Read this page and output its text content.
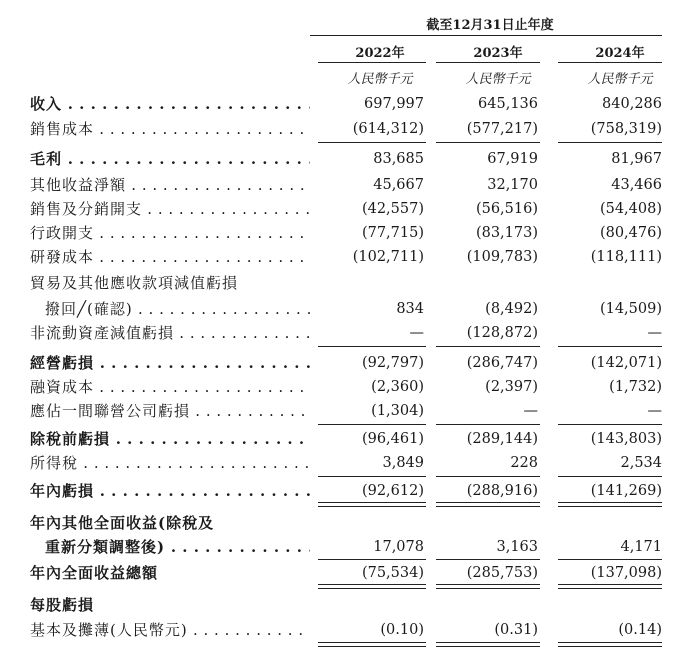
截至12月31日止年度
2022年	2023年	2024年
人民幣千元	人民幣千元	人民幣千元
收入 . . .	697,997	645,136	840,286
銷售成本 . . .	(614,312)	(577,217)	(758,319)
毛利 . . .	83,685	67,919	81,967
其他收益淨額 . . .	45,667	32,170	43,466
銷售及分銷開支 . . .	(42,557)	(56,516)	(54,408)
行政開支 . . .	(77,715)	(83,173)	(80,476)
研發成本 . . .	(102,711)	(109,783)	(118,111)
貿易及其他應收款項減值虧損
撥回╱(確認) . . .	834	(8,492)	(14,509)
非流動資產減值虧損 . . .	—	(128,872)	—
經營虧損 . . .	(92,797)	(286,747)	(142,071)
融資成本 . . .	(2,360)	(2,397)	(1,732)
應佔一間聯營公司虧損 . . .	(1,304)	—	—
除稅前虧損 . . .	(96,461)	(289,144)	(143,803)
所得稅 . . .	3,849	228	2,534
年內虧損 . . .	(92,612)	(288,916)	(141,269)
年內其他全面收益(除稅及
重新分類調整後) . . .	17,078	3,163	4,171
年內全面收益總額	(75,534)	(285,753)	(137,098)
每股虧損
基本及攤薄(人民幣元) . . .	(0.10)	(0.31)	(0.14)
